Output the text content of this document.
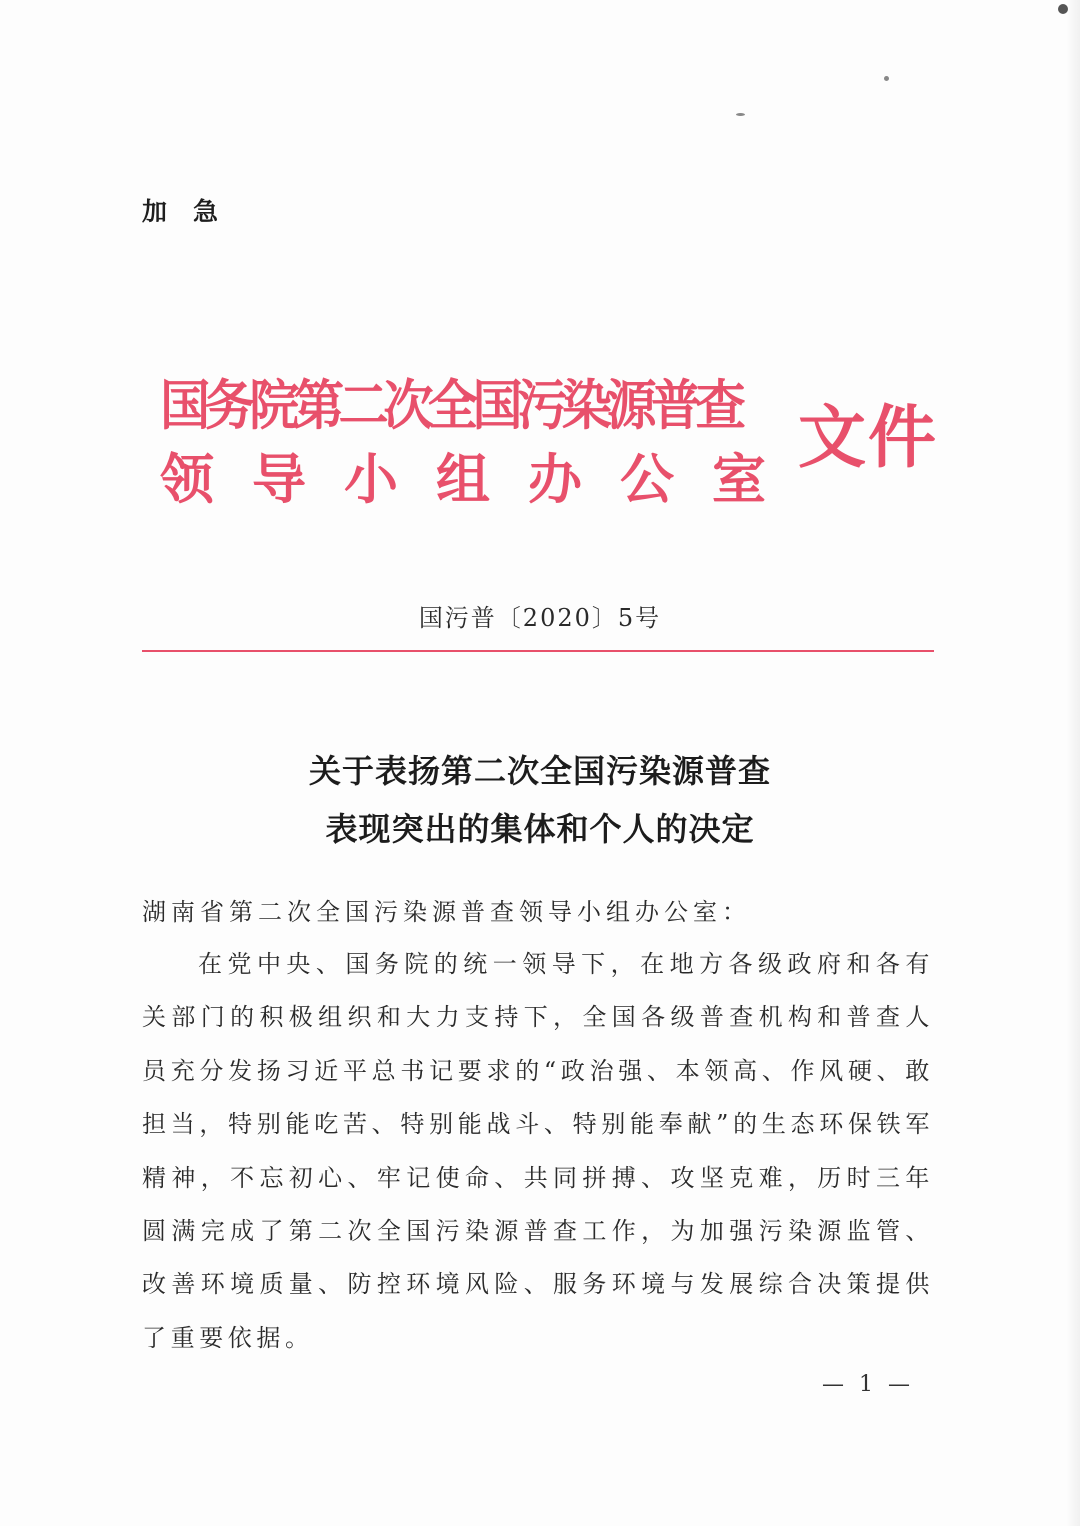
加急
国务院第二次全国污染源普查
领 导 小 组 办 公 室
文件
国污普〔2020〕5号
关于表扬第二次全国污染源普查
表现突出的集体和个人的决定
湖南省第二次全国污染源普查领导小组办公室：
在党中央、国务院的统一领导下，在地方各级政府和各有关部门的积极组织和大力支持下，全国各级普查机构和普查人员充分发扬习近平总书记要求的“政治强、本领高、作风硬、敢担当，特别能吃苦、特别能战斗、特别能奉献”的生态环保铁军精神，不忘初心、牢记使命、共同拼搏、攻坚克难，历时三年圆满完成了第二次全国污染源普查工作，为加强污染源监管、改善环境质量、防控环境风险、服务环境与发展综合决策提供了重要依据。
— 1 —
